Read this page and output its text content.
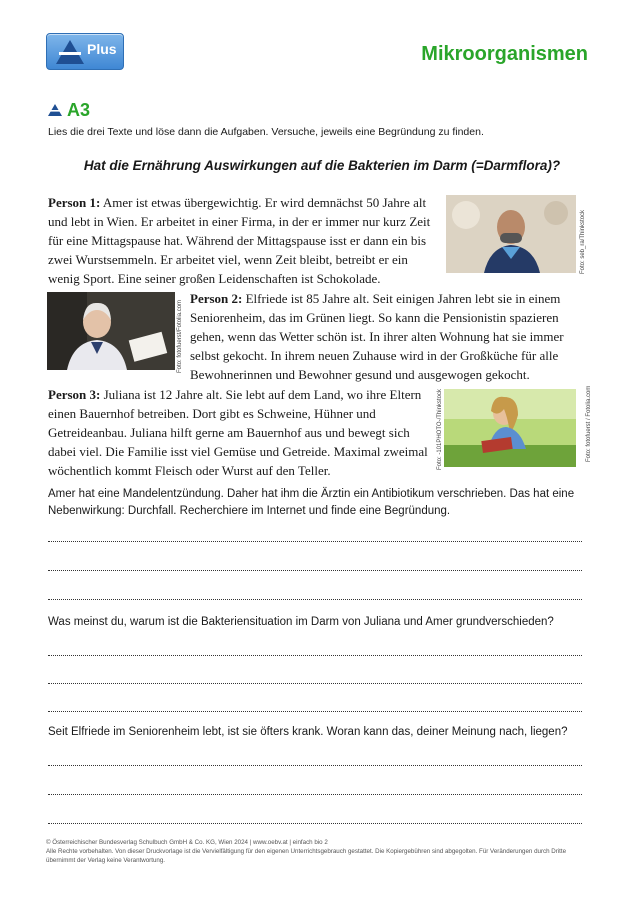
Plus	Mikroorganismen
A3
Lies die drei Texte und löse dann die Aufgaben. Versuche, jeweils eine Begründung zu finden.
Hat die Ernährung Auswirkungen auf die Bakterien im Darm (=Darmflora)?
Person 1: Amer ist etwas übergewichtig. Er wird demnächst 50 Jahre alt und lebt in Wien. Er arbeitet in einer Firma, in der er immer nur kurz Zeit für eine Mittagspause hat. Während der Mittagspause isst er dann ein bis zwei Wurstsemmeln. Er arbeitet viel, wenn Zeit bleibt, betreibt er ein wenig Sport. Eine seiner großen Leidenschaften ist Schokolade.
Foto: seb_ra/Thinkstock
Foto: fotofuerst/Fotolia.com
Person 2: Elfriede ist 85 Jahre alt. Seit einigen Jahren lebt sie in einem Seniorenheim, das im Grünen liegt. So kann die Pensionistin spazieren gehen, wenn das Wetter schön ist. In ihrer alten Wohnung hat sie immer selbst gekocht. In ihrem neuen Zuhause wird in der Großküche für alle Bewohnerinnen und Bewohner gesund und ausgewogen gekocht.
Person 3: Juliana ist 12 Jahre alt. Sie lebt auf dem Land, wo ihre Eltern einen Bauernhof betreiben. Dort gibt es Schweine, Hühner und Getreideanbau. Juliana hilft gerne am Bauernhof aus und bewegt sich dabei viel. Die Familie isst viel Gemüse und Getreide. Maximal zweimal wöchentlich kommt Fleisch oder Wurst auf den Teller.
Foto: -101PHOTO-/Thinkstock	Foto: fotofuerst / Fotolia.com
Amer hat eine Mandelentzündung. Daher hat ihm die Ärztin ein Antibiotikum verschrieben. Das hat eine Nebenwirkung: Durchfall. Recherchiere im Internet und finde eine Begründung.
Was meinst du, warum ist die Bakteriensituation im Darm von Juliana und Amer grundverschieden?
Seit Elfriede im Seniorenheim lebt, ist sie öfters krank. Woran kann das, deiner Meinung nach, liegen?
© Österreichischer Bundesverlag Schulbuch GmbH & Co. KG, Wien 2024 | www.oebv.at | einfach bio 2
Alle Rechte vorbehalten. Von dieser Druckvorlage ist die Vervielfältigung für den eigenen Unterrichtsgebrauch gestattet. Die Kopiergebühren sind abgegolten. Für Veränderungen durch Dritte übernimmt der Verlag keine Verantwortung.
